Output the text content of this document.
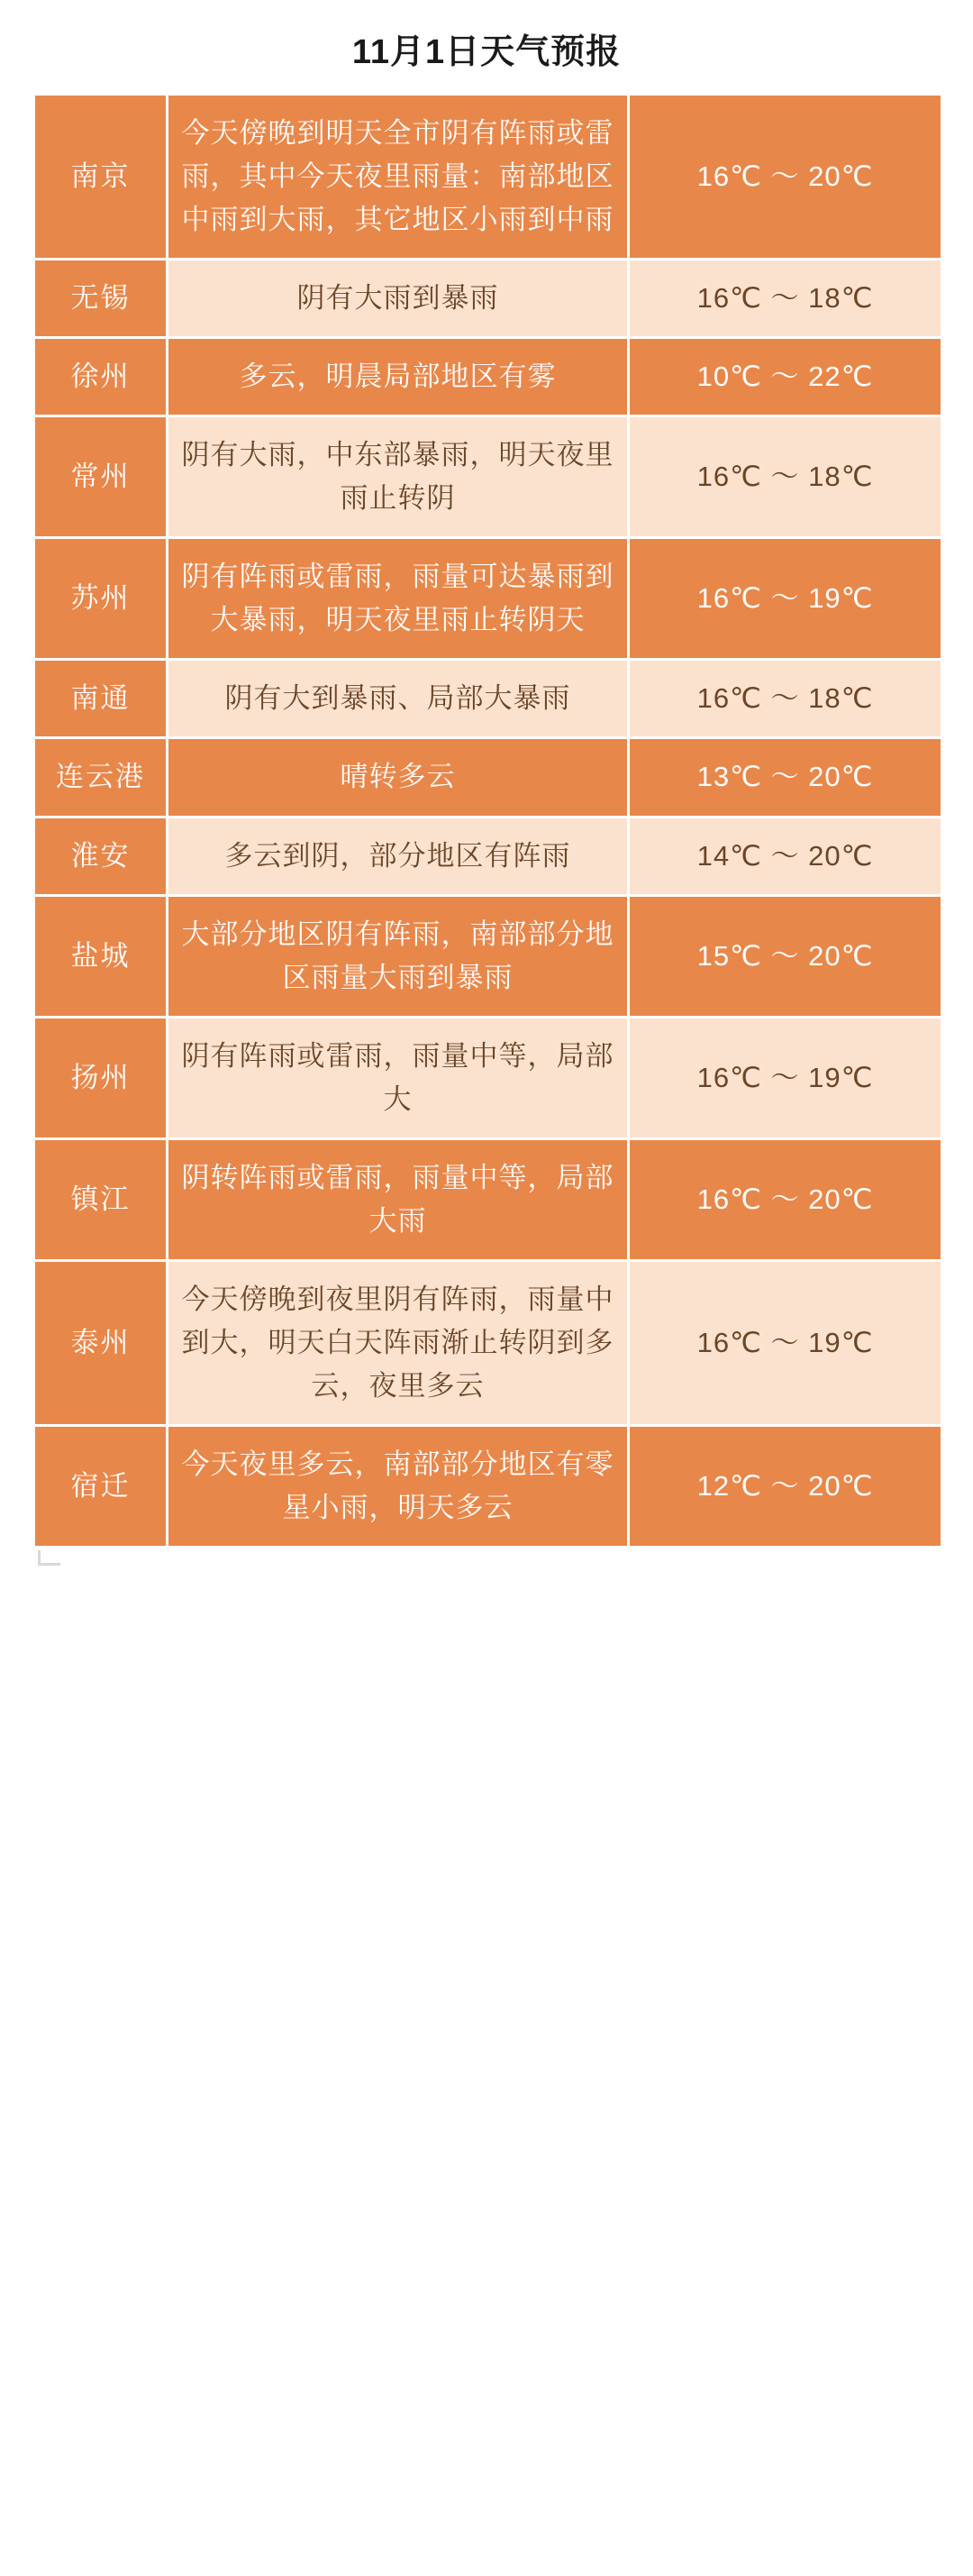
11月1日天气预报
南京	今天傍晚到明天全市阴有阵雨或雷雨，其中今天夜里雨量：南部地区中雨到大雨，其它地区小雨到中雨	16℃ ～ 20℃
无锡	阴有大雨到暴雨	16℃ ～ 18℃
徐州	多云，明晨局部地区有雾	10℃ ～ 22℃
常州	阴有大雨，中东部暴雨，明天夜里雨止转阴	16℃ ～ 18℃
苏州	阴有阵雨或雷雨，雨量可达暴雨到大暴雨，明天夜里雨止转阴天	16℃ ～ 19℃
南通	阴有大到暴雨、局部大暴雨	16℃ ～ 18℃
连云港	晴转多云	13℃ ～ 20℃
淮安	多云到阴，部分地区有阵雨	14℃ ～ 20℃
盐城	大部分地区阴有阵雨，南部部分地区雨量大雨到暴雨	15℃ ～ 20℃
扬州	阴有阵雨或雷雨，雨量中等，局部大	16℃ ～ 19℃
镇江	阴转阵雨或雷雨，雨量中等，局部大雨	16℃ ～ 20℃
泰州	今天傍晚到夜里阴有阵雨，雨量中到大，明天白天阵雨渐止转阴到多云，夜里多云	16℃ ～ 19℃
宿迁	今天夜里多云，南部部分地区有零星小雨，明天多云	12℃ ～ 20℃
